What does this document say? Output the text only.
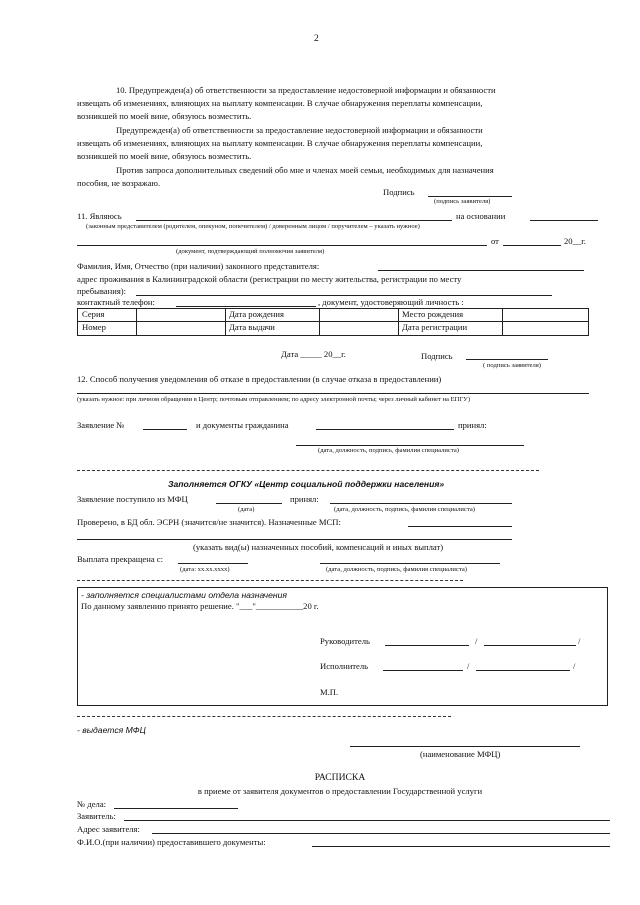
2
10. Предупрежден(а) об ответственности за предоставление недостоверной информации и обязанности
извещать об изменениях, влияющих на выплату компенсации. В случае обнаружения переплаты компенсации,
возникшей по моей вине, обязуюсь возместить.
Предупрежден(а) об ответственности за предоставление недостоверной информации и обязанности
извещать об изменениях, влияющих на выплату компенсации. В случае обнаружения переплаты компенсации,
возникшей по моей вине, обязуюсь возместить.
Против запроса дополнительных сведений обо мне и членах моей семьи, необходимых для назначения
пособия, не возражаю.
Подпись
(подпись заявителя)
11. Являюсь	на основании
(законным представителем (родителем, опекуном, попечителем) / доверенным лицом / поручителем – указать нужное)
от	20__г.
(документ, подтверждающий полномочия заявителя)
Фамилия, Имя, Отчество (при наличии) законного представителя:
адрес проживания в Калининградской области (регистрации по месту жительства, регистрации по месту
пребывания):
контактный телефон:	, документ, удостоверяющий личность :
Серия	Дата рождения	Место рождения
Номер	Дата выдачи	Дата регистрации
Дата _____ 20__г.	Подпись
( подпись заявителя)
12. Способ получения уведомления об отказе в предоставлении (в случае отказа в предоставлении)
(указать нужное: при личном обращении в Центр; почтовым отправлением; по адресу электронной почты; через личный кабинет на ЕПГУ)
Заявление №	и документы гражданина	принял:
(дата, должность, подпись, фамилия специалиста)
Заполняется ОГКУ «Центр социальной поддержки населения»
Заявление поступило из МФЦ	принял:
(дата)	(дата, должность, подпись, фамилия специалиста)
Проверено, в БД обл. ЭСРН (значится/не значится). Назначенные МСП:
(указать вид(ы) назначенных пособий, компенсаций и иных выплат)
Выплата прекращена с:
(дата: хх.хх.хххх)	(дата, должность, подпись, фамилия специалиста)
- заполняется специалистами отдела назначения
По данному заявлению принято решение. "___"___________20 г.
Руководитель	/	/
Исполнитель	/	/
М.П.
- выдается МФЦ
(наименование МФЦ)
РАСПИСКА
в приеме от заявителя документов о предоставлении Государственной услуги
№ дела:
Заявитель:
Адрес заявителя:
Ф.И.О.(при наличии) предоставившего документы:
